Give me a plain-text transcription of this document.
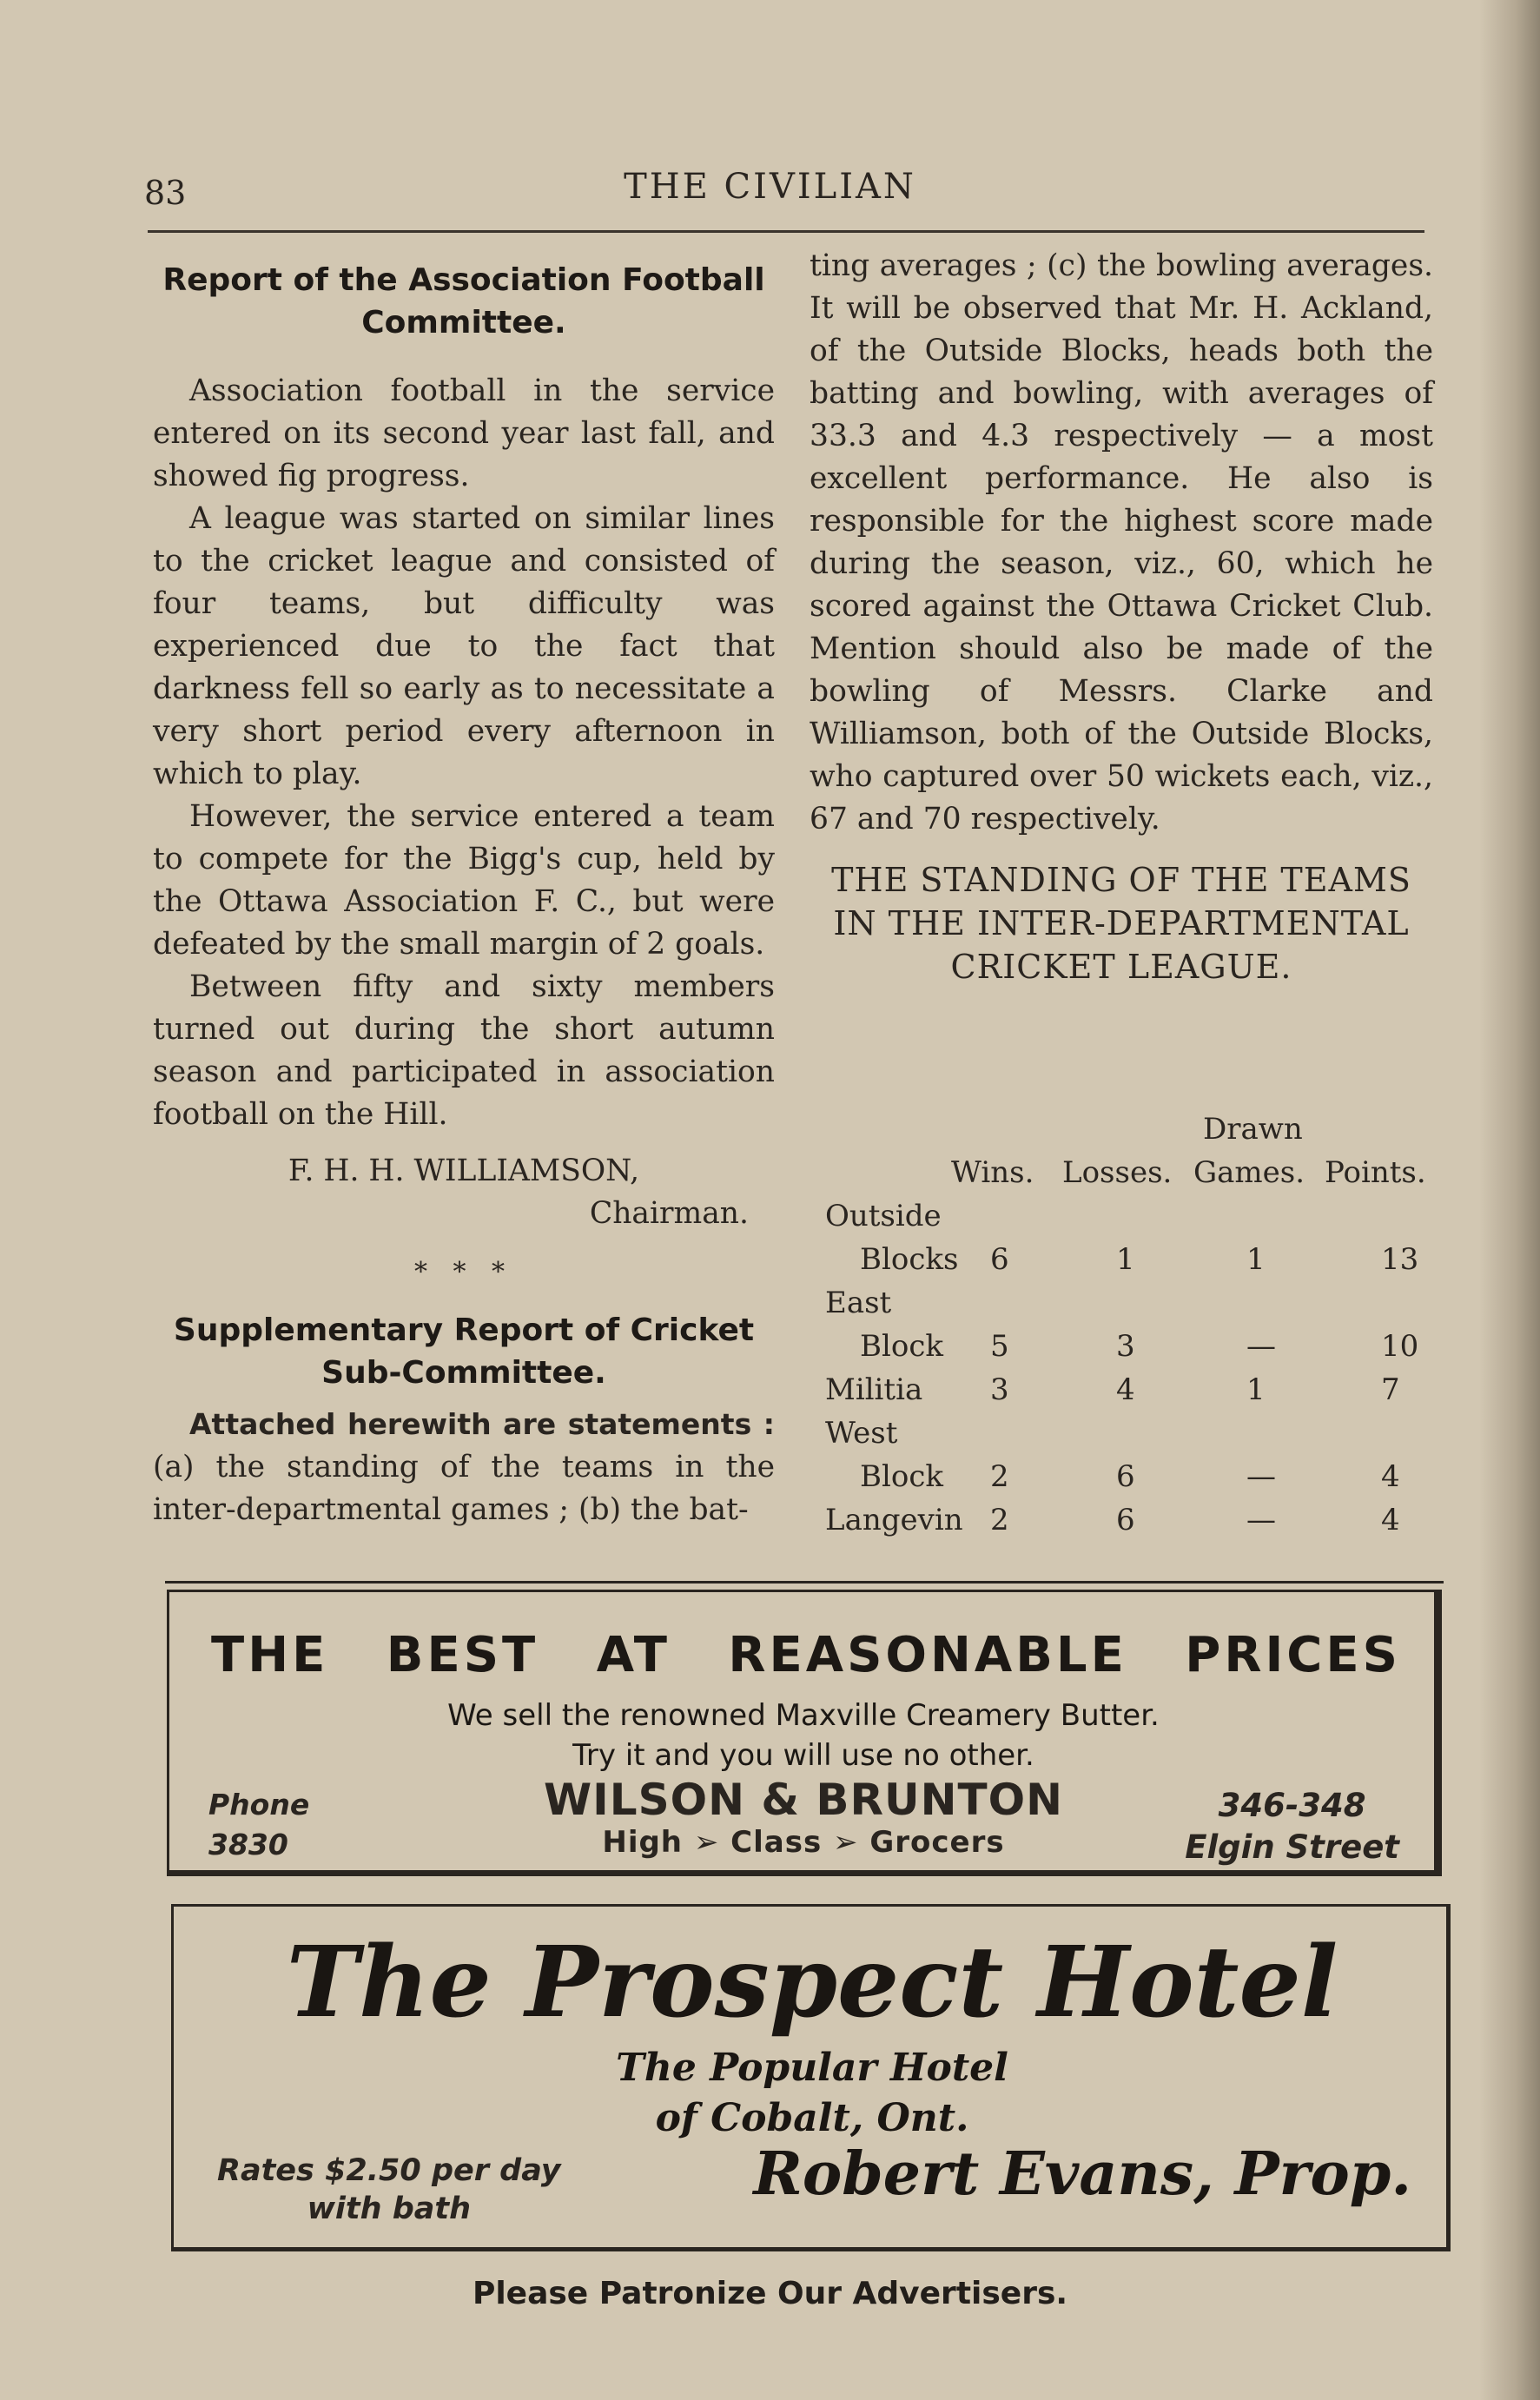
83	THE CIVILIAN
Report of the Association Football Committee.

Association football in the service entered on its second year last fall, and showed fig progress.

A league was started on similar lines to the cricket league and consisted of four teams, but difficulty was experienced due to the fact that darkness fell so early as to necessitate a very short period every afternoon in which to play.

However, the service entered a team to compete for the Bigg's cup, held by the Ottawa Association F. C., but were defeated by the small margin of 2 goals.

Between fifty and sixty members turned out during the short autumn season and participated in association football on the Hill.

F. H. H. WILLIAMSON,
Chairman.
* * *
Supplementary Report of Cricket Sub-Committee.

Attached herewith are statements : (a) the standing of the teams in the inter-departmental games ; (b) the bat-

ting averages ; (c) the bowling averages. It will be observed that Mr. H. Ackland, of the Outside Blocks, heads both the batting and bowling, with averages of 33.3 and 4.3 respectively — a most excellent performance. He also is responsible for the highest score made during the season, viz., 60, which he scored against the Ottawa Cricket Club. Mention should also be made of the bowling of Messrs. Clarke and Williamson, both of the Outside Blocks, who captured over 50 wickets each, viz., 67 and 70 respectively.

THE STANDING OF THE TEAMS IN THE INTER-DEPARTMENTAL CRICKET LEAGUE.
Drawn
Wins. Losses. Games. Points.
Outside
Blocks 6	1	1	13
East
Block 5	3	—	10
Militia 3	4	1	7
West
Block 2	6	—	4
Langevin 2	6	—	4
THE BEST AT REASONABLE PRICES
We sell the renowned Maxville Creamery Butter.
Try it and you will use no other.
Phone
3830
WILSON & BRUNTON
High ➢ Class ➢ Grocers
346-348
Elgin Street
The Prospect Hotel
The Popular Hotel
of Cobalt, Ont.
Rates $2.50 per day
with bath	Robert Evans, Prop.
Please Patronize Our Advertisers.
